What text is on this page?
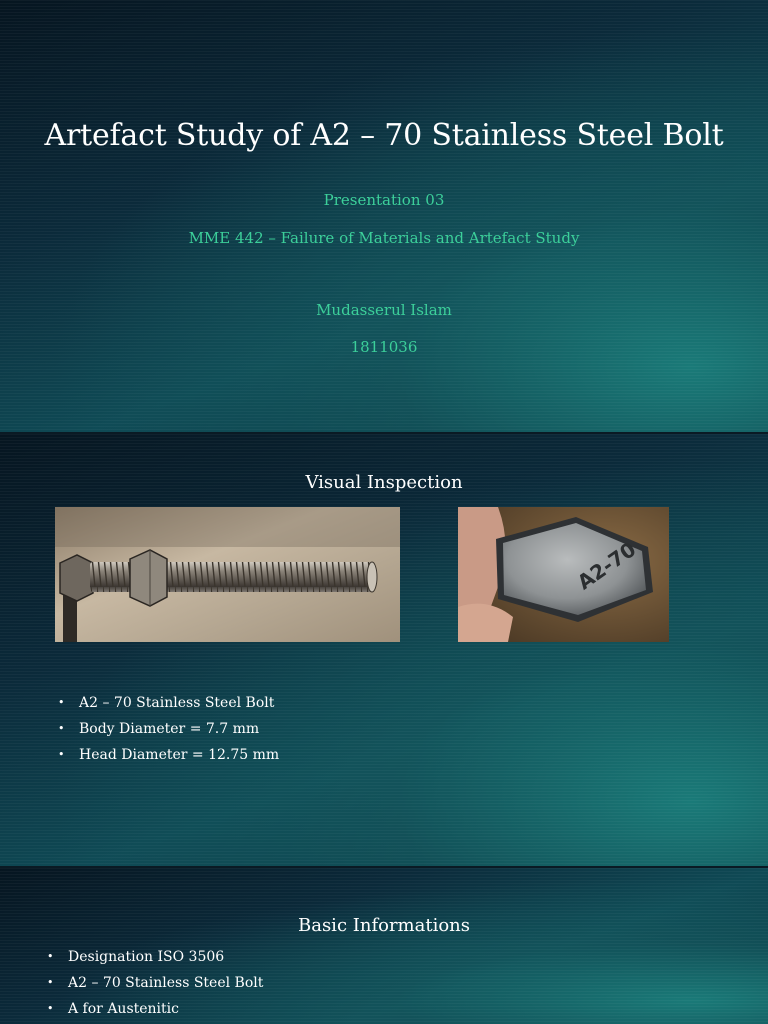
Artefact Study of A2 – 70 Stainless Steel Bolt
Presentation 03
MME 442 – Failure of Materials and Artefact Study
Mudasserul Islam
1811036
Visual Inspection
A2-70
• A2 – 70 Stainless Steel Bolt
• Body Diameter = 7.7 mm
• Head Diameter = 12.75 mm
Basic Informations
• Designation ISO 3506
• A2 – 70 Stainless Steel Bolt
• A for Austenitic
